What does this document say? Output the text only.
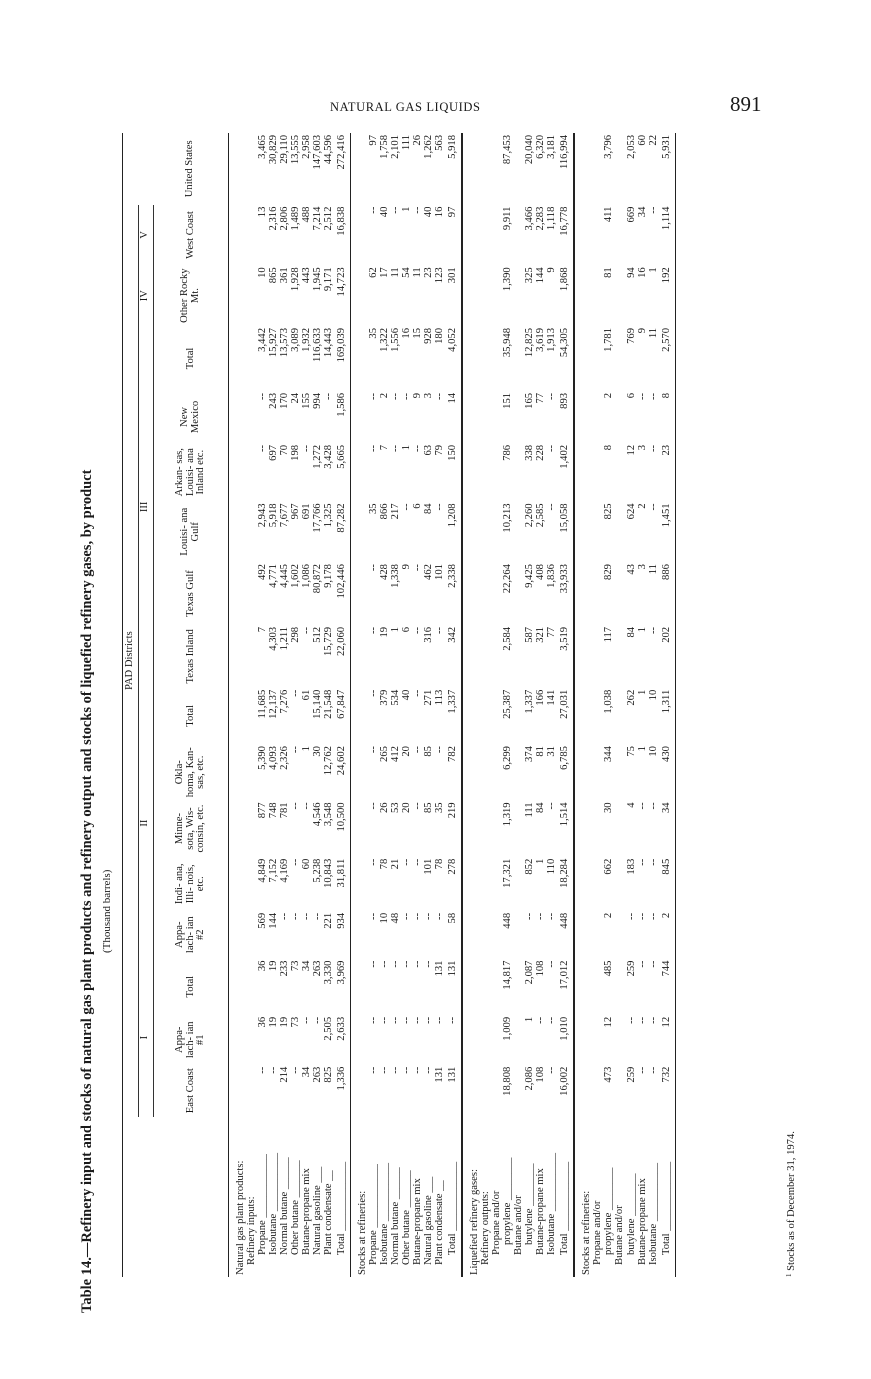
NATURAL GAS LIQUIDS	891
Table 14.—Refinery input and stocks of natural gas plant products and refinery output and stocks of liquefied refinery gases, by product (Thousand barrels)
	PAD Districts																
	I			II					III						IV	V	
	East Coast	Appa- lach- ian #1	Total	Appa- lach- ian #2	Indi- ana, Illi- nois, etc.	Minne- sota, Wis- consin, etc.	Okla- homa, Kan- sas, etc.	Total	Texas Inland	Texas Gulf	Louisi- ana Gulf	Arkan- sas, Louisi- ana Inland etc.	New Mexico	Total	Other Rocky Mt.	West Coast	United States
Natural gas plant products:																	
Refinery inputs:																	
Propane ____________	--	36	36	569	4,849	877	5,390	11,685	7	492	2,943	--	--	3,442	10	13	3,465
Isobutane ___________	--	19	19	144	7,152	748	4,093	12,137	4,303	4,771	5,918	697	243	15,927	865	2,316	30,829
Normal butane ______	214	19	233	--	4,169	781	2,326	7,276	1,211	4,445	7,677	70	170	13,573	361	2,806	29,110
Other butane _______	--	73	73	--	--	--	--	--	298	1,602	967	198	24	3,089	1,928	1,489	13,555
Butane-propane mix	34	--	34	--	60	--	1	61	--	1,086	691	--	155	1,932	443	488	2,958
Natural gasoline ___	263	--	263	--	5,238	4,546	30	15,140	512	80,872	17,766	1,272	994	116,633	1,945	7,214	147,603
Plant condensate __	825	2,505	3,330	221	10,843	3,548	12,762	21,548	15,729	9,178	1,325	3,428	--	14,443	9,171	2,512	44,596
Total _____________	1,336	2,633	3,969	934	31,811	10,500	24,602	67,847	22,060	102,446	87,282	5,665	1,586	169,039	14,723	16,838	272,416
Stocks at refineries:																	
Propane ____________	--	--	--	--	--	--	--	--	--	--	35	--	--	35	62	--	97
Isobutane ___________	--	--	--	10	78	26	265	379	19	428	866	7	2	1,322	17	40	1,758
Normal butane ______	--	--	--	48	21	53	412	534	1	1,338	217	--	--	1,556	11	--	2,101
Other butane _______	--	--	--	--	--	20	20	40	6	9	--	1	--	16	54	1	111
Butane-propane mix	--	--	--	--	--	--	--	--	--	--	6	--	9	15	11	--	26
Natural gasoline ___	--	--	--	--	101	85	85	271	316	462	84	63	3	928	23	40	1,262
Plant condensate __	131	--	131	--	78	35	--	113	--	101	--	79	--	180	123	16	563
Total _____________	131	--	131	58	278	219	782	1,337	342	2,338	1,208	150	14	4,052	301	97	5,918
Liquefied refinery gases:																	
Refinery outputs:																	
Propane and/or																	
propylene ________	18,808	1,009	14,817	448	17,321	1,319	6,299	25,387	2,584	22,264	10,213	786	151	35,948	1,390	9,911	87,453
Butane and/or																	
butylene ________	2,086	1	2,087	--	852	111	374	1,337	587	9,425	2,260	338	165	12,825	325	3,466	20,040
Butane-propane mix	108	--	108	--	1	84	81	166	321	408	2,585	228	77	3,619	144	2,283	6,320
Isobutane ___________	--	--	--	--	110	--	31	141	77	1,836	--	--	--	1,913	9	1,118	3,181
Total _____________	16,002	1,010	17,012	448	18,284	1,514	6,785	27,031	3,519	33,933	15,058	1,402	893	54,305	1,868	16,778	116,994
Stocks at refineries:																	
Propane and/or																	
propylene ________	473	12	485	2	662	30	344	1,038	117	829	825	8	2	1,781	81	411	3,796
Butane and/or																	
butylene ________	259	--	259	--	183	4	75	262	84	43	624	12	6	769	94	669	2,053
Butane-propane mix	--	--	--	--	--	--	1	1	1	3	2	3	--	9	16	34	60
Isobutane ___________	--	--	--	--	--	--	10	10	--	11	--	--	--	11	1	--	22
Total _____________	732	12	744	2	845	34	430	1,311	202	886	1,451	23	8	2,570	192	1,114	5,931
$^1$ Stocks as of December 31, 1974.
